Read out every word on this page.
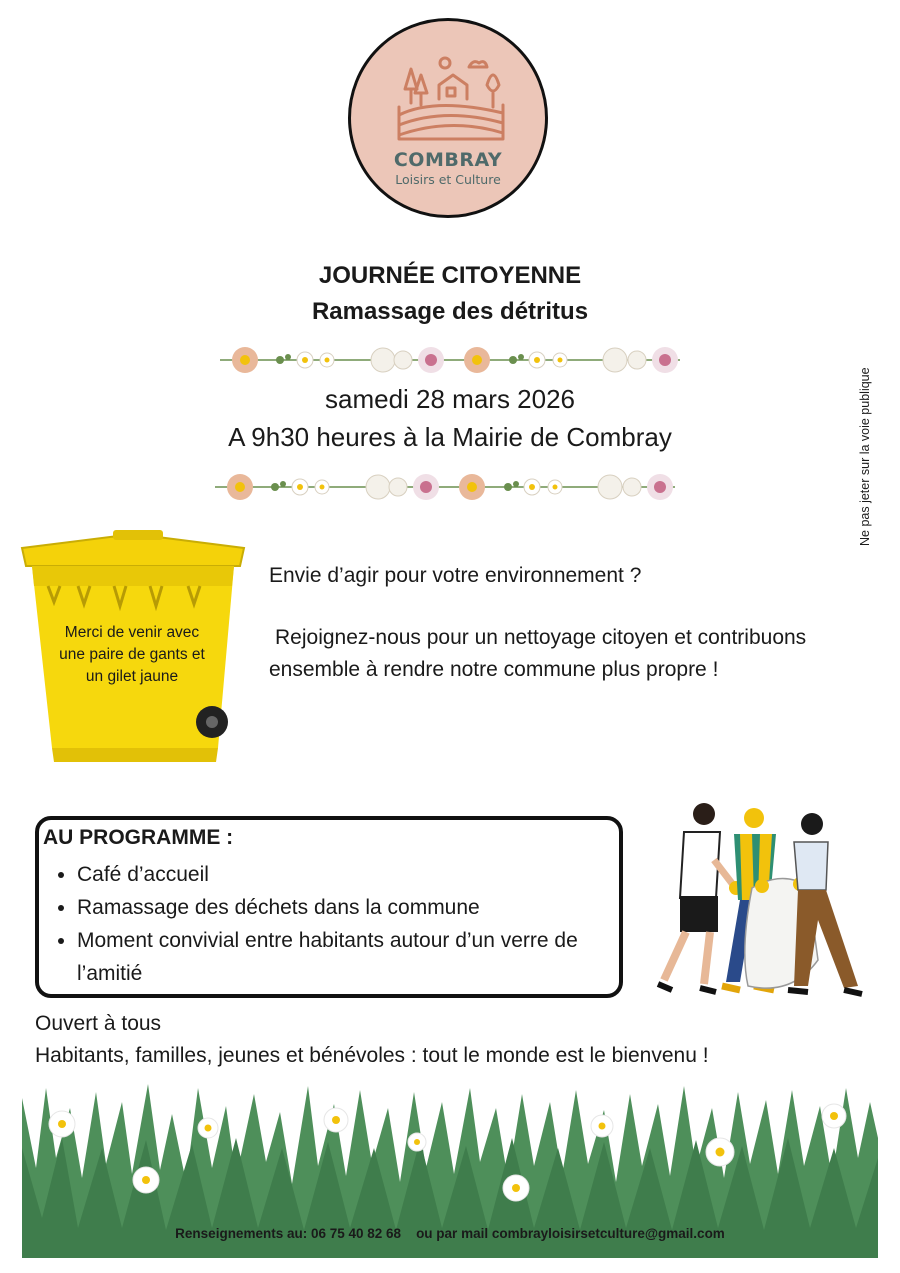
COMBRAY
Loisirs et Culture
JOURNÉE CITOYENNE
Ramassage des détritus
samedi 28 mars 2026
A 9h30 heures à la Mairie de Combray	Ne pas jeter sur la voie publique
Merci de venir avec une paire de gants et un gilet jaune
Envie d’agir pour votre environnement ?
Rejoignez-nous pour un nettoyage citoyen et contribuons ensemble à rendre notre commune plus propre !
AU PROGRAMME :
• Café d’accueil
• Ramassage des déchets dans la commune
• Moment convivial entre habitants autour d’un verre de l’amitié
Ouvert à tous
Habitants, familles, jeunes et bénévoles : tout le monde est le bienvenu !
Renseignements au: 06 75 40 82 68 ou par mail combrayloisirsetculture@gmail.com
